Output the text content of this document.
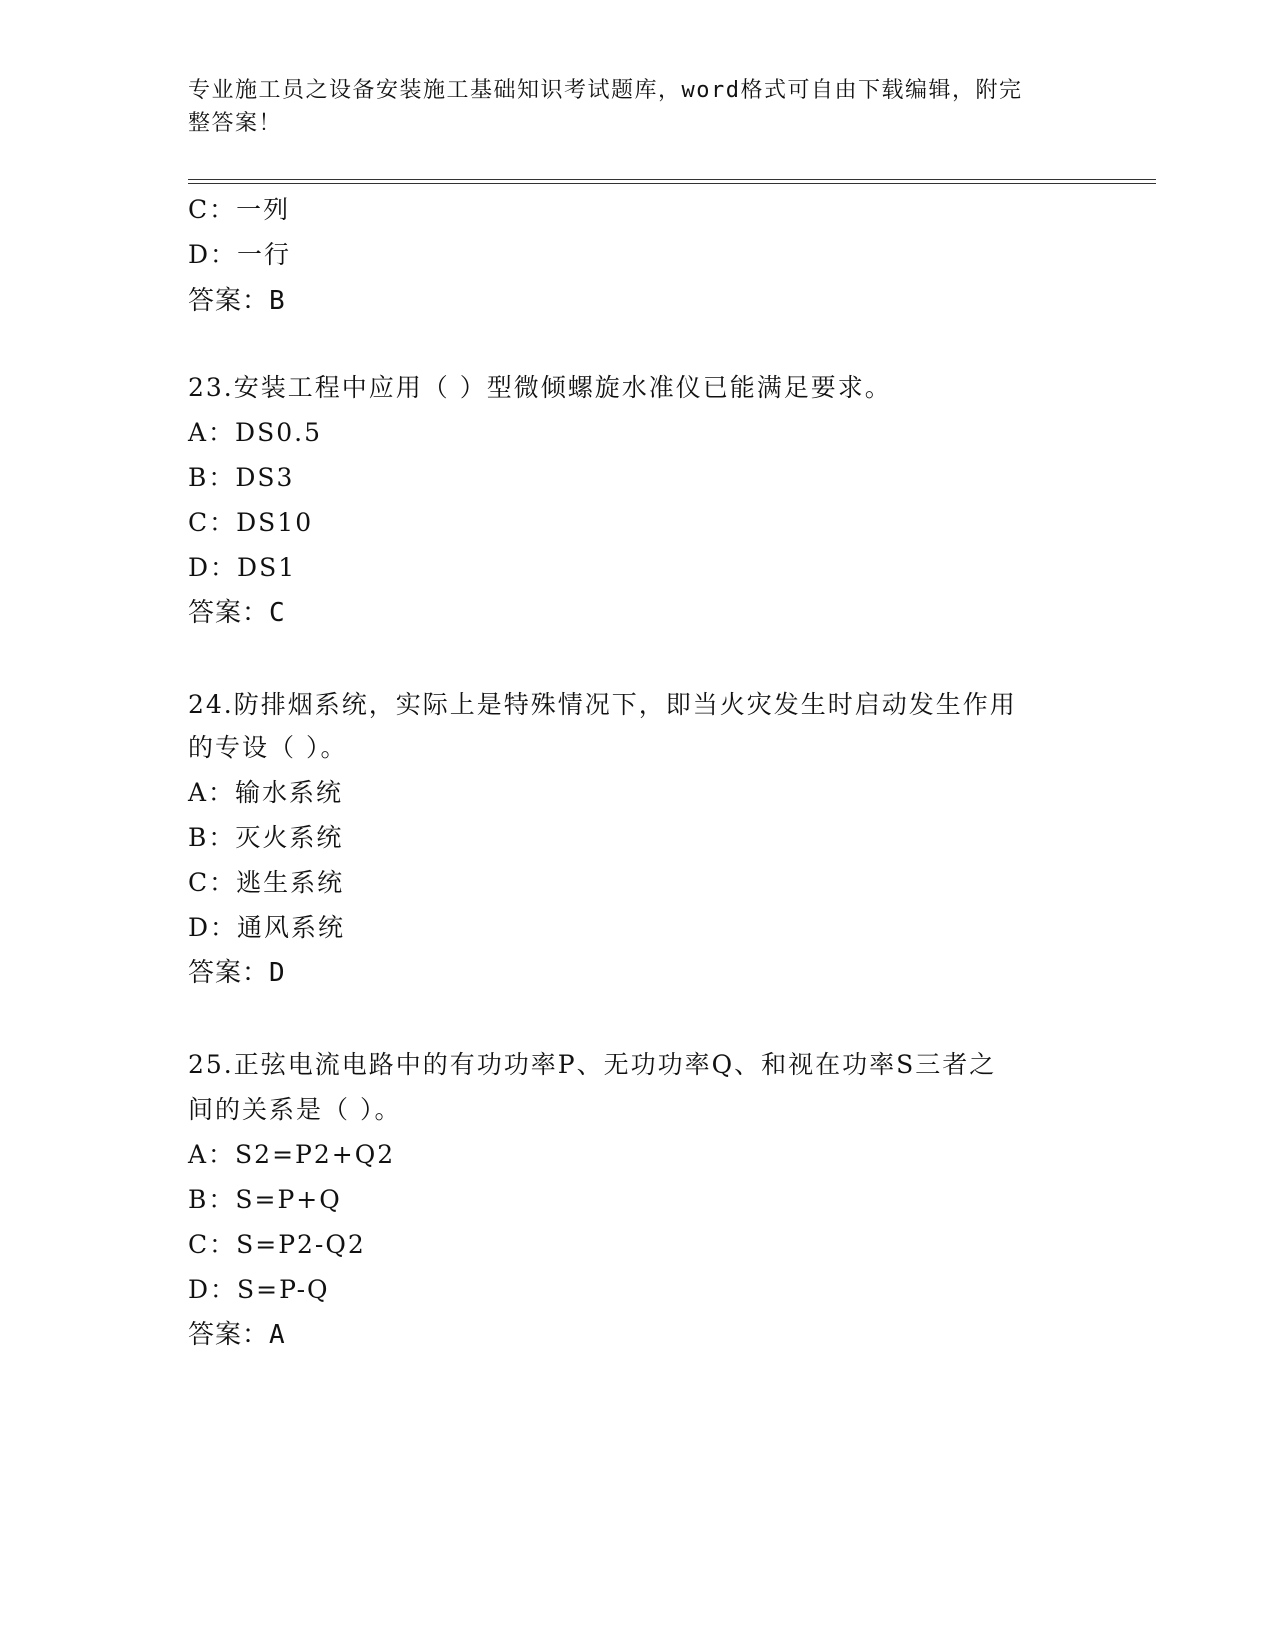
专业施工员之设备安装施工基础知识考试题库，word格式可自由下载编辑，附完
整答案！
C：一列
D：一行
答案：B
23.安装工程中应用（ ）型微倾螺旋水准仪已能满足要求。
A：DS0.5
B：DS3
C：DS10
D：DS1
答案：C
24.防排烟系统，实际上是特殊情况下，即当火灾发生时启动发生作用
的专设（ ）。
A：输水系统
B：灭火系统
C：逃生系统
D：通风系统
答案：D
25.正弦电流电路中的有功功率P、无功功率Q、和视在功率S三者之
间的关系是（ ）。
A：S2=P2+Q2
B：S=P+Q
C：S=P2-Q2
D：S=P-Q
答案：A
